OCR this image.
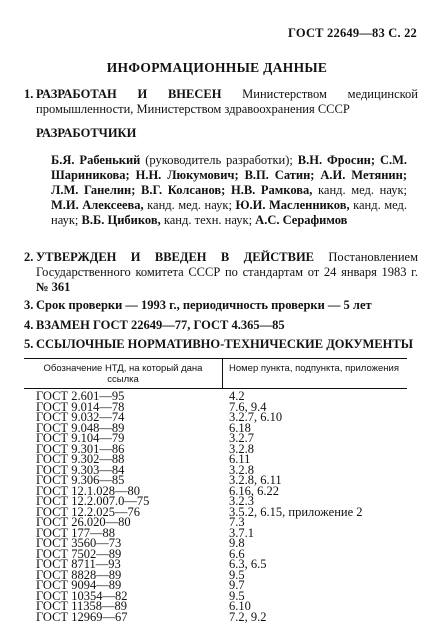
ГОСТ 22649—83 С. 22
ИНФОРМАЦИОННЫЕ ДАННЫЕ
1. РАЗРАБОТАН И ВНЕСЕН Министерством медицинской промышленности, Министерством здравоохранения СССР
РАЗРАБОТЧИКИ
Б.Я. Рабенький (руководитель разработки); В.Н. Фросин; С.М. Шариникова; Н.Н. Люкумович; В.П. Сатин; А.И. Метянин; Л.М. Ганелин; В.Г. Колсанов; Н.В. Рамкова, канд. мед. наук; М.И. Алексеева, канд. мед. наук; Ю.И. Масленников, канд. мед. наук; В.Б. Цибиков, канд. техн. наук; А.С. Серафимов
2. УТВЕРЖДЕН И ВВЕДЕН В ДЕЙСТВИЕ Постановлением Государственного комитета СССР по стандартам от 24 января 1983 г. № 361
3. Срок проверки — 1993 г., периодичность проверки — 5 лет
4. ВЗАМЕН ГОСТ 22649—77, ГОСТ 4.365—85
5. ССЫЛОЧНЫЕ НОРМАТИВНО-ТЕХНИЧЕСКИЕ ДОКУМЕНТЫ
Обозначение НТД, на который дана ссылка	Номер пункта, подпункта, приложения
ГОСТ 2.601—95	4.2
ГОСТ 9.014—78	7.6, 9.4
ГОСТ 9.032—74	3.2.7, 6.10
ГОСТ 9.048—89	6.18
ГОСТ 9.104—79	3.2.7
ГОСТ 9.301—86	3.2.8
ГОСТ 9.302—88	6.11
ГОСТ 9.303—84	3.2.8
ГОСТ 9.306—85	3.2.8, 6.11
ГОСТ 12.1.028—80	6.16, 6.22
ГОСТ 12.2.007.0—75	3.2.3
ГОСТ 12.2.025—76	3.5.2, 6.15, приложение 2
ГОСТ 26.020—80	7.3
ГОСТ 177—88	3.7.1
ГОСТ 3560—73	9.8
ГОСТ 7502—89	6.6
ГОСТ 8711—93	6.3, 6.5
ГОСТ 8828—89	9.5
ГОСТ 9094—89	9.7
ГОСТ 10354—82	9.5
ГОСТ 11358—89	6.10
ГОСТ 12969—67	7.2, 9.2
